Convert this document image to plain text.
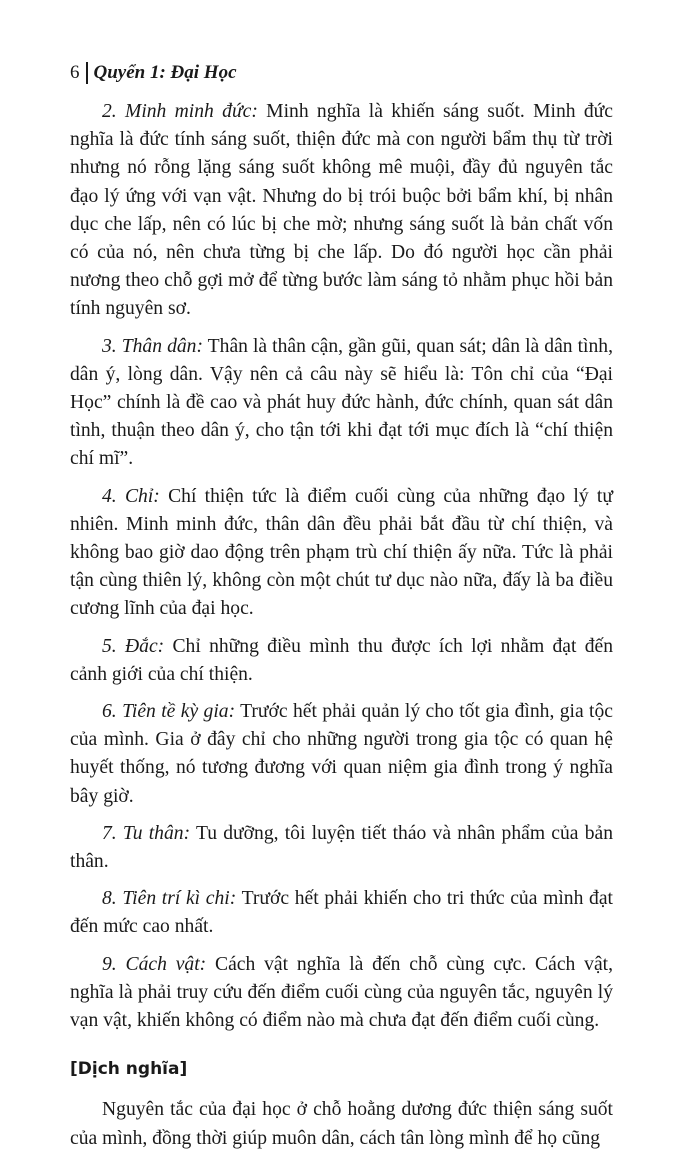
6 Quyển 1: Đại Học

2. Minh minh đức: Minh nghĩa là khiến sáng suốt. Minh đức nghĩa là đức tính sáng suốt, thiện đức mà con người bẩm thụ từ trời nhưng nó rỗng lặng sáng suốt không mê muội, đầy đủ nguyên tắc đạo lý ứng với vạn vật. Nhưng do bị trói buộc bởi bẩm khí, bị nhân dục che lấp, nên có lúc bị che mờ; nhưng sáng suốt là bản chất vốn có của nó, nên chưa từng bị che lấp. Do đó người học cần phải nương theo chỗ gợi mở để từng bước làm sáng tỏ nhằm phục hồi bản tính nguyên sơ.

3. Thân dân: Thân là thân cận, gần gũi, quan sát; dân là dân tình, dân ý, lòng dân. Vậy nên cả câu này sẽ hiểu là: Tôn chỉ của “Đại Học” chính là đề cao và phát huy đức hành, đức chính, quan sát dân tình, thuận theo dân ý, cho tận tới khi đạt tới mục đích là “chí thiện chí mĩ”.

4. Chỉ: Chí thiện tức là điểm cuối cùng của những đạo lý tự nhiên. Minh minh đức, thân dân đều phải bắt đầu từ chí thiện, và không bao giờ dao động trên phạm trù chí thiện ấy nữa. Tức là phải tận cùng thiên lý, không còn một chút tư dục nào nữa, đấy là ba điều cương lĩnh của đại học.

5. Đắc: Chỉ những điều mình thu được ích lợi nhằm đạt đến cảnh giới của chí thiện.

6. Tiên tề kỳ gia: Trước hết phải quản lý cho tốt gia đình, gia tộc của mình. Gia ở đây chỉ cho những người trong gia tộc có quan hệ huyết thống, nó tương đương với quan niệm gia đình trong ý nghĩa bây giờ.

7. Tu thân: Tu dưỡng, tôi luyện tiết tháo và nhân phẩm của bản thân.

8. Tiên trí kì chi: Trước hết phải khiến cho tri thức của mình đạt đến mức cao nhất.

9. Cách vật: Cách vật nghĩa là đến chỗ cùng cực. Cách vật, nghĩa là phải truy cứu đến điểm cuối cùng của nguyên tắc, nguyên lý vạn vật, khiến không có điểm nào mà chưa đạt đến điểm cuối cùng.

[Dịch nghĩa]

Nguyên tắc của đại học ở chỗ hoằng dương đức thiện sáng suốt của mình, đồng thời giúp muôn dân, cách tân lòng mình để họ cũng
